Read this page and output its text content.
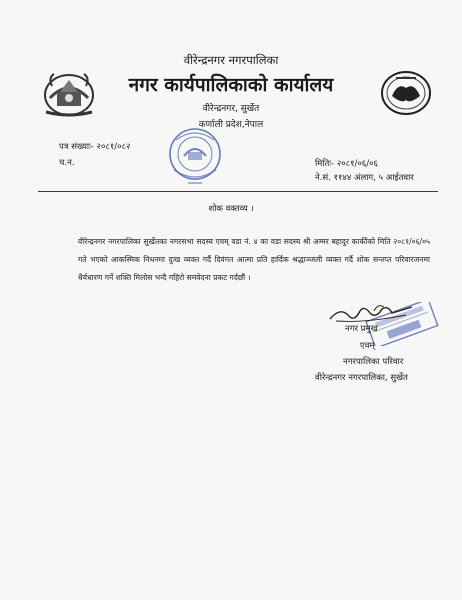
वीरेन्द्रनगर नगरपालिका
नगर कार्यपालिकाको कार्यालय
वीरेन्द्रनगर, सुर्खेत
कर्णाली प्रदेश,नेपाल
पत्र संख्याः- २०८१/०८२
च.न.	मितिः- २०८१/०६/०६
ने.सं. ११४४ अंलाग, ५ आईतवार
शोक वक्तव्य ।
वीरेन्द्रनगर नगरपालिका सुर्खेतका नगरसभा सदस्य एवम् वडा नं. ४ का वडा सदस्य श्री अम्मर बहादुर कार्कीको मिति २०८१/०६/०५ गते भएको आकस्मिक निधनमा दुःख व्यक्त गर्दै दिवंगत आत्मा प्रति हार्दिक श्रद्धाञ्जली व्यक्त गर्दै शोक सन्तप्त परिवारजनमा धैर्यधारण गर्ने शक्ति मिलोस भन्दै गहिरो समवेदना प्रकट गर्दछौं ।
नगर प्रमुख
एवम्
नगरपालिका परिवार
वीरेन्द्रनगर नगरपालिका, सुर्खेत
